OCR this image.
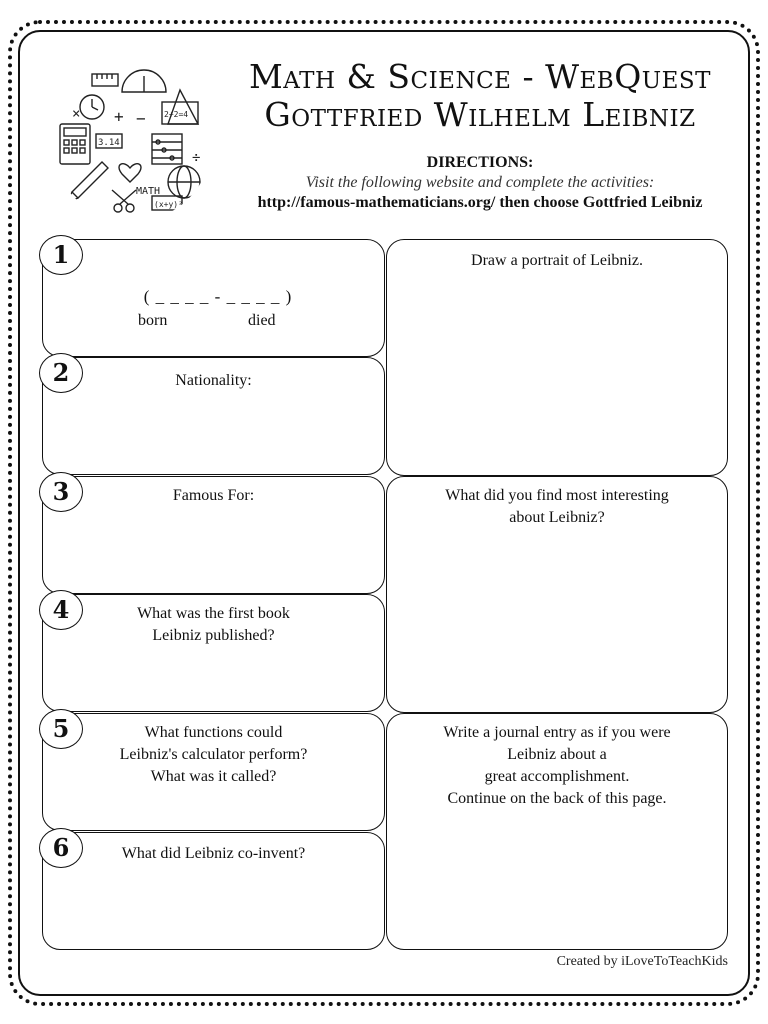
3.14
2+2=4
MATH
(x+y)²
+ −
×
÷
Math & Science - WebQuest
Gottfried Wilhelm Leibniz
DIRECTIONS:
Visit the following website and complete the activities:
http://famous-mathematicians.org/ then choose Gottfried Leibniz
1
( _ _ _ _ - _ _ _ _ )
born	died
2	Nationality:
3	Famous For:
4	What was the first book
Leibniz published?
5	What functions could
Leibniz's calculator perform?
What was it called?
6	What did Leibniz co-invent?
Draw a portrait of Leibniz.
What did you find most interesting
about Leibniz?
Write a journal entry as if you were
Leibniz about a
great accomplishment.
Continue on the back of this page.
Created by iLoveToTeachKids
